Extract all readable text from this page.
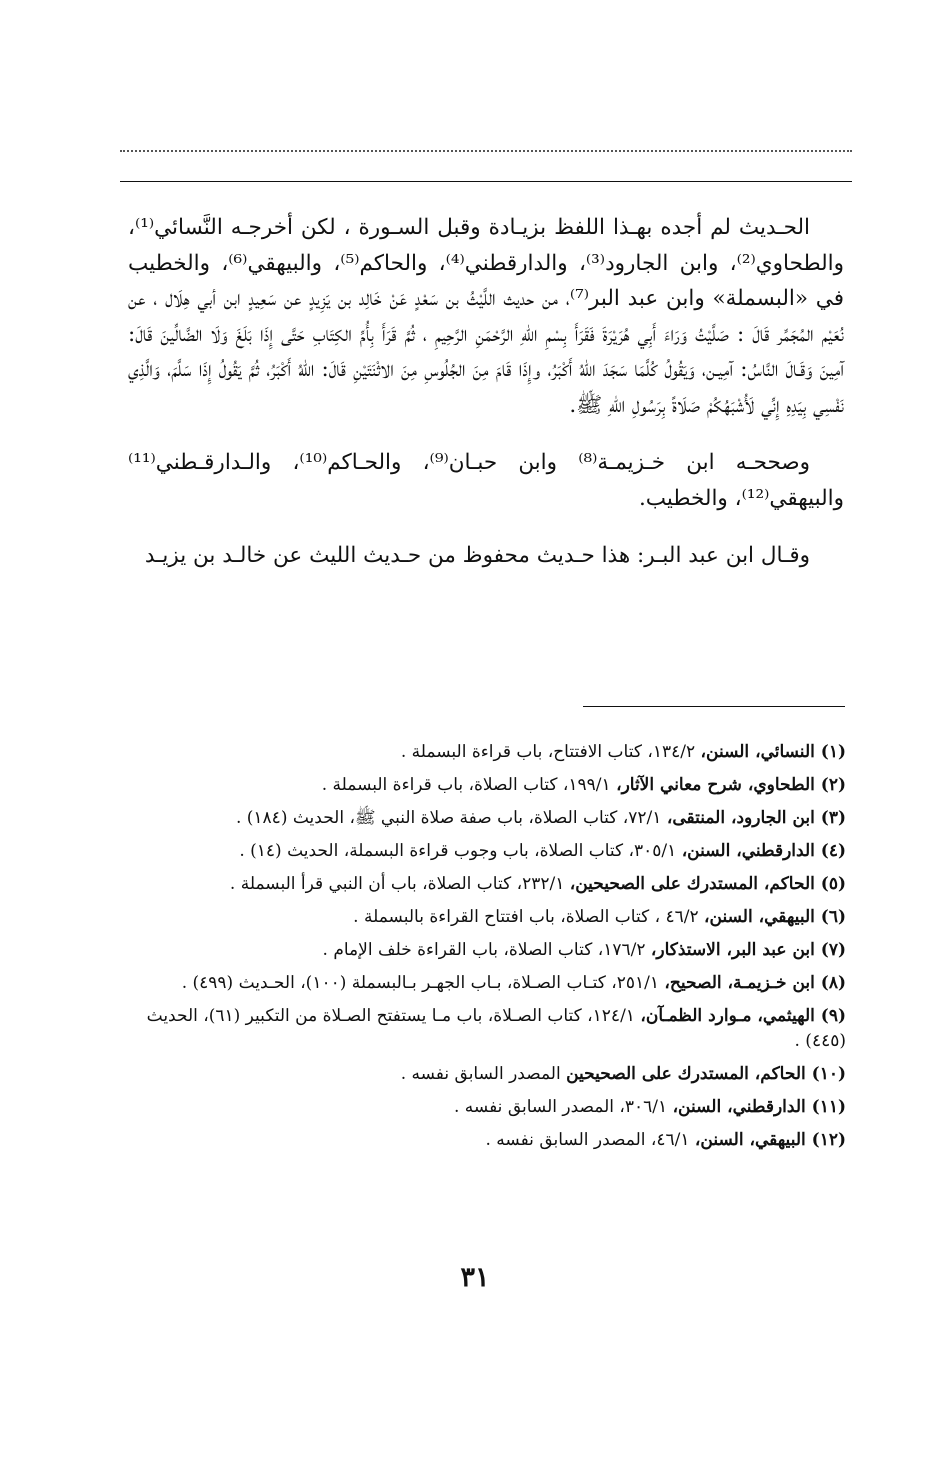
الحـديث لم أجده بهـذا اللفظ بزيـادة وقبل السـورة ، لكن أخرجـه النَّسائي⁽¹⁾، والطحاوي⁽²⁾، وابن الجارود⁽³⁾، والدارقطني⁽⁴⁾، والحاكم⁽⁵⁾، والبيهقي⁽⁶⁾، والخطيب في «البسملة» وابن عبد البر⁽⁷⁾، من حديث اللَّيْثُ بن سَعْدٍ عَنْ خَالِد بن يَزِيدٍ عن سَعِيدٍ ابن أبي هِلَال ، عن نُعَيْم المُجَمِّر قَالَ : صَلَّيْتُ وَرَاءَ أَبِي هُرَيْرَةَ فَقَرَأَ بِسْمِ اللهِ الرَّحْمَنِ الرَّحِيمِ ، ثُمَّ قَرَأَ بِأُمِّ الكِتَابِ حَتَّى إِذَا بَلَغَ وَلَا الضَّالِّينَ قَالَ: آمِينَ وَقَـالَ النَّاسُ: آمِيـن، وَيَقُولُ كُلَّمَا سَجَدَ اللهُ أَكْبَرُ، وإِذَا قَامَ مِنَ الجُلُوسِ مِنَ الاثْنَتَيْنِ قَالَ: اللهُ أَكْبَرُ، ثُمَّ يَقُولُ إِذَا سَلَّمَ، وَالَّذِي نَفْسِي بِيَدِهِ إِنِّي لَأُشْبَهُكُمْ صَلَاةً بِرَسُولِ اللهِ ﷺ.

وصححـه ابن خـزيمـة⁽⁸⁾ وابن حبـان⁽⁹⁾، والحـاكم⁽¹⁰⁾، والـدارقـطني⁽¹¹⁾ والبيهقي⁽¹²⁾، والخطيب.

وقـال ابن عبد البـر: هذا حـديث محفوظ من حـديث الليث عن خالـد بن يزيـد

(١) النسائي، السنن، ١٣٤/٢، كتاب الافتتاح، باب قراءة البسملة .

(٢) الطحاوي، شرح معاني الآثار، ١٩٩/١، كتاب الصلاة، باب قراءة البسملة .

(٣) ابن الجارود، المنتقى، ٧٢/١، كتاب الصلاة، باب صفة صلاة النبي ﷺ، الحديث (١٨٤) .

(٤) الدارقطني، السنن، ٣٠٥/١، كتاب الصلاة، باب وجوب قراءة البسملة، الحديث (١٤) .

(٥) الحاكم، المستدرك على الصحيحين، ٢٣٢/١، كتاب الصلاة، باب أن النبي قرأ البسملة .

(٦) البيهقي، السنن، ٤٦/٢ ، كتاب الصلاة، باب افتتاح القراءة بالبسملة .

(٧) ابن عبد البر، الاستذكار، ١٧٦/٢، كتاب الصلاة، باب القراءة خلف الإمام .

(٨) ابن خـزيمـة، الصحيح، ٢٥١/١، كتـاب الصـلاة، بـاب الجهـر بـالبسملة (١٠٠)، الحـديث (٤٩٩) .

(٩) الهيثمي، مـوارد الظمـآن، ١٢٤/١، كتاب الصـلاة، باب مـا يستفتح الصـلاة من التكبير (٦١)، الحديث (٤٤٥) .

(١٠) الحاكم، المستدرك على الصحيحين المصدر السابق نفسه .

(١١) الدارقطني، السنن، ٣٠٦/١، المصدر السابق نفسه .

(١٢) البيهقي، السنن، ٤٦/١، المصدر السابق نفسه .

٣١
